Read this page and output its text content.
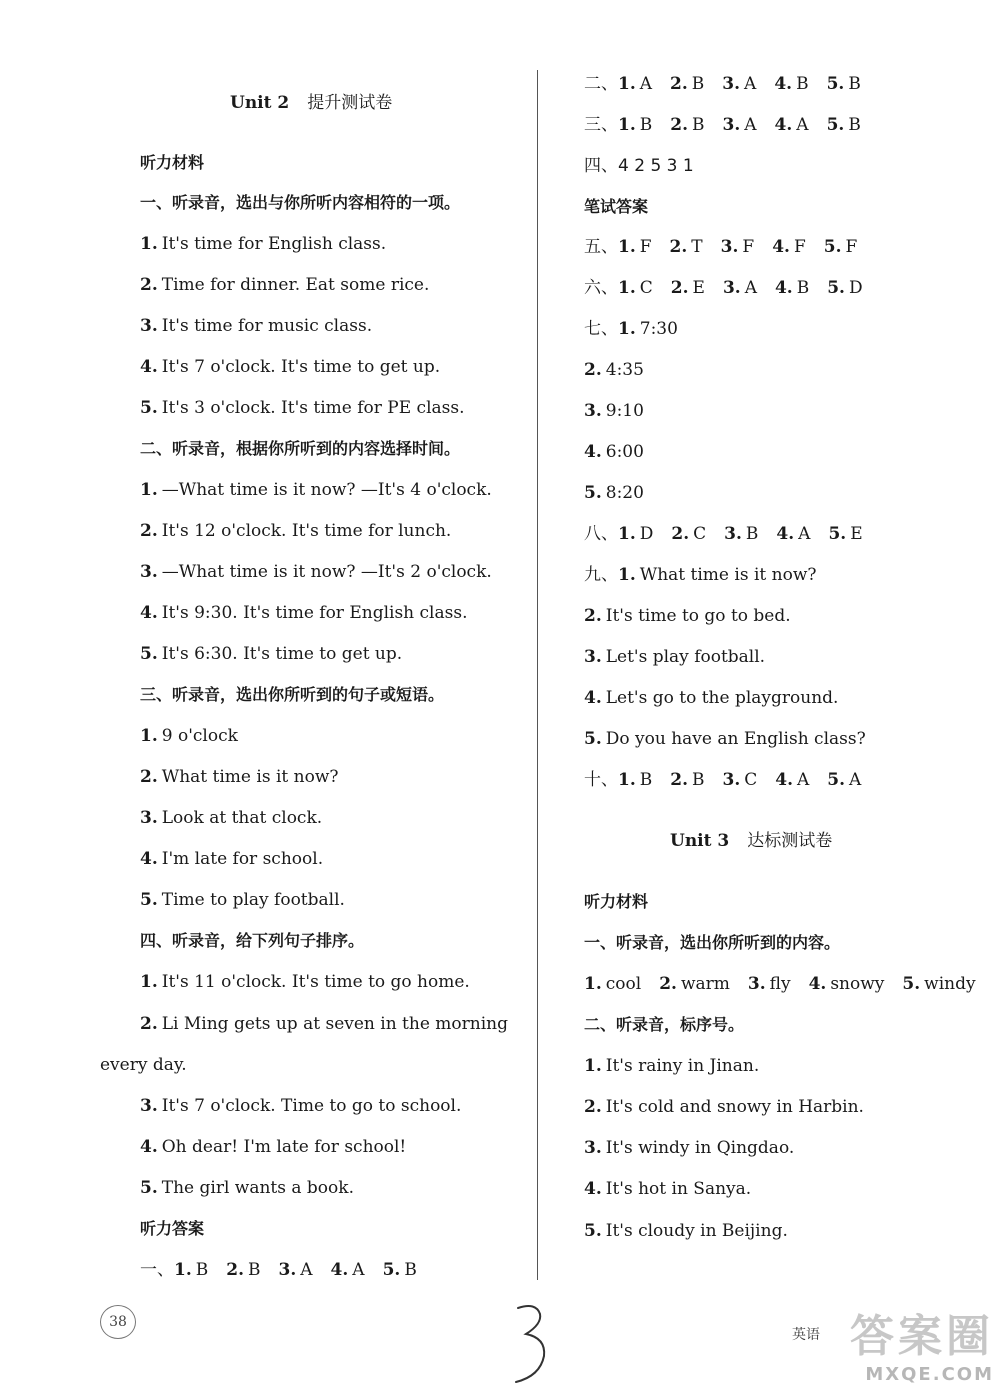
Unit 2 提升测试卷
听力材料
一、听录音，选出与你所听内容相符的一项。
1. It's time for English class.
2. Time for dinner. Eat some rice.
3. It's time for music class.
4. It's 7 o'clock. It's time to get up.
5. It's 3 o'clock. It's time for PE class.
二、听录音，根据你所听到的内容选择时间。
1. —What time is it now? —It's 4 o'clock.
2. It's 12 o'clock. It's time for lunch.
3. —What time is it now? —It's 2 o'clock.
4. It's 9:30. It's time for English class.
5. It's 6:30. It's time to get up.
三、听录音，选出你所听到的句子或短语。
1. 9 o'clock
2. What time is it now?
3. Look at that clock.
4. I'm late for school.
5. Time to play football.
四、听录音，给下列句子排序。
1. It's 11 o'clock. It's time to go home.
2. Li Ming gets up at seven in the morning
every day.
3. It's 7 o'clock. Time to go to school.
4. Oh dear! I'm late for school!
5. The girl wants a book.
听力答案
一、1. B 2. B 3. A 4. A 5. B
二、1. A 2. B 3. A 4. B 5. B
三、1. B 2. B 3. A 4. A 5. B
四、4 2 5 3 1
笔试答案
五、1. F 2. T 3. F 4. F 5. F
六、1. C 2. E 3. A 4. B 5. D
七、1. 7:30
2. 4:35
3. 9:10
4. 6:00
5. 8:20
八、1. D 2. C 3. B 4. A 5. E
九、1. What time is it now?
2. It's time to go to bed.
3. Let's play football.
4. Let's go to the playground.
5. Do you have an English class?
十、1. B 2. B 3. C 4. A 5. A
Unit 3 达标测试卷
听力材料
一、听录音，选出你所听到的内容。
1. cool 2. warm 3. fly 4. snowy 5. windy
二、听录音，标序号。
1. It's rainy in Jinan.
2. It's cold and snowy in Harbin.
3. It's windy in Qingdao.
4. It's hot in Sanya.
5. It's cloudy in Beijing.
38
英语 答案圈
MXQE.COM
